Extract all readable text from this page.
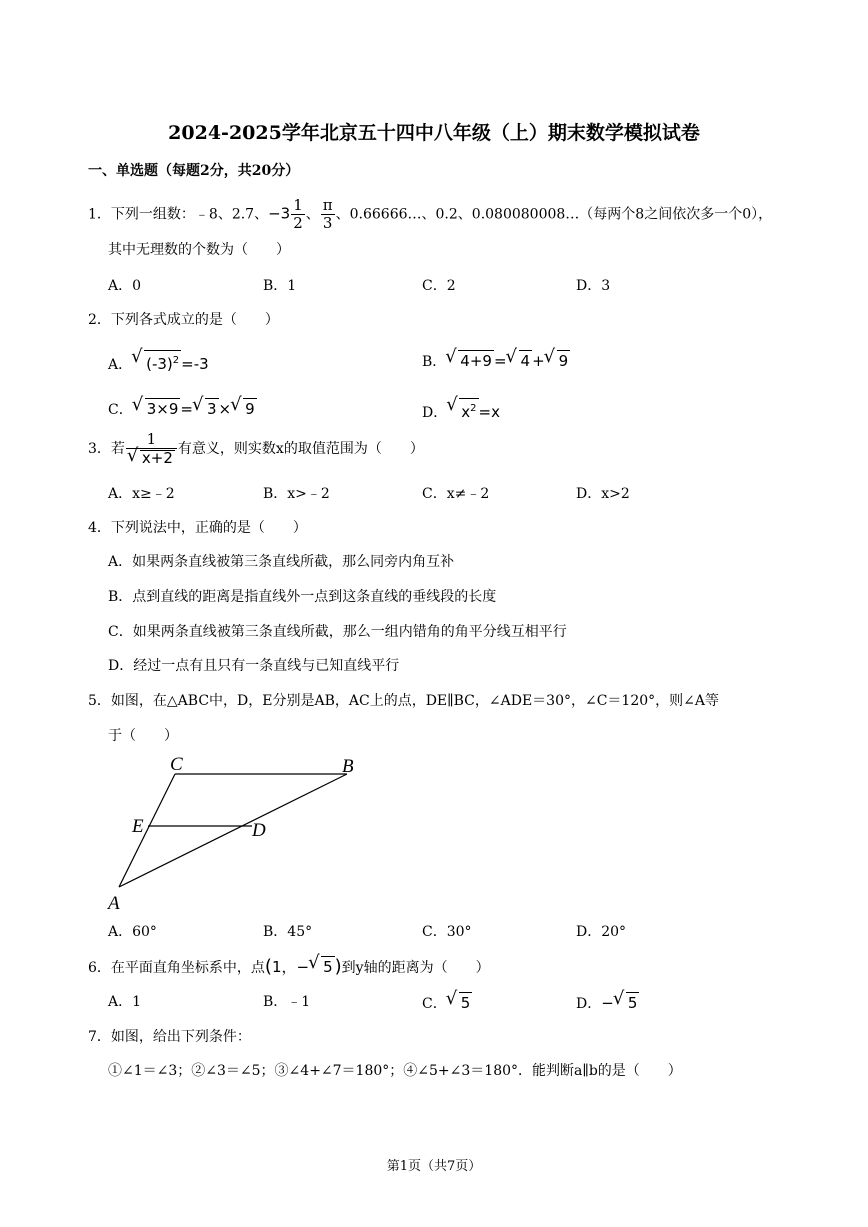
2024-2025学年北京五十四中八年级（上）期末数学模拟试卷
一、单选题（每题2分，共20分）
1．下列一组数：﹣8、2.7、$-3 \frac{1}{2}$ 、 $\frac{\pi}{3}$ 、0.66666…、0.2、0.080080008…（每两个8之间依次多一个0），
其中无理数的个数为（　　）
A．0	B．1	C．2	D．3
2．下列各式成立的是（　　）
A． √ $(-3)^2 =-3$	B． √ 4+9 = √ 4 + √ 9
C． √ 3×9 = √ 3 × √ 9	D． √ $x^2 =x$
3．若 1
√ x+2 有意义，则实数x的取值范围为（　　）
A．x≥﹣2	B．x>﹣2	C．x≠﹣2	D．x>2
4．下列说法中，正确的是（　　）
A．如果两条直线被第三条直线所截，那么同旁内角互补
B．点到直线的距离是指直线外一点到这条直线的垂线段的长度
C．如果两条直线被第三条直线所截，那么一组内错角的角平分线互相平行
D．经过一点有且只有一条直线与已知直线平行
5．如图，在△ABC中，D，E分别是AB，AC上的点，DE∥BC，∠ADE＝30°，∠C＝120°，则∠A等
于（　　）
C	B
E	D
A
A．60°	B．45°	C．30°	D．20°
6．在平面直角坐标系中，点(1，− √ 5 )到y轴的距离为（　　）
A．1	B．﹣1	C． √ 5	D．− √ 5
7．如图，给出下列条件：
①∠1＝∠3；②∠3＝∠5；③∠4+∠7＝180°；④∠5+∠3＝180°．能判断a∥b的是（　　）
第1页（共7页）
